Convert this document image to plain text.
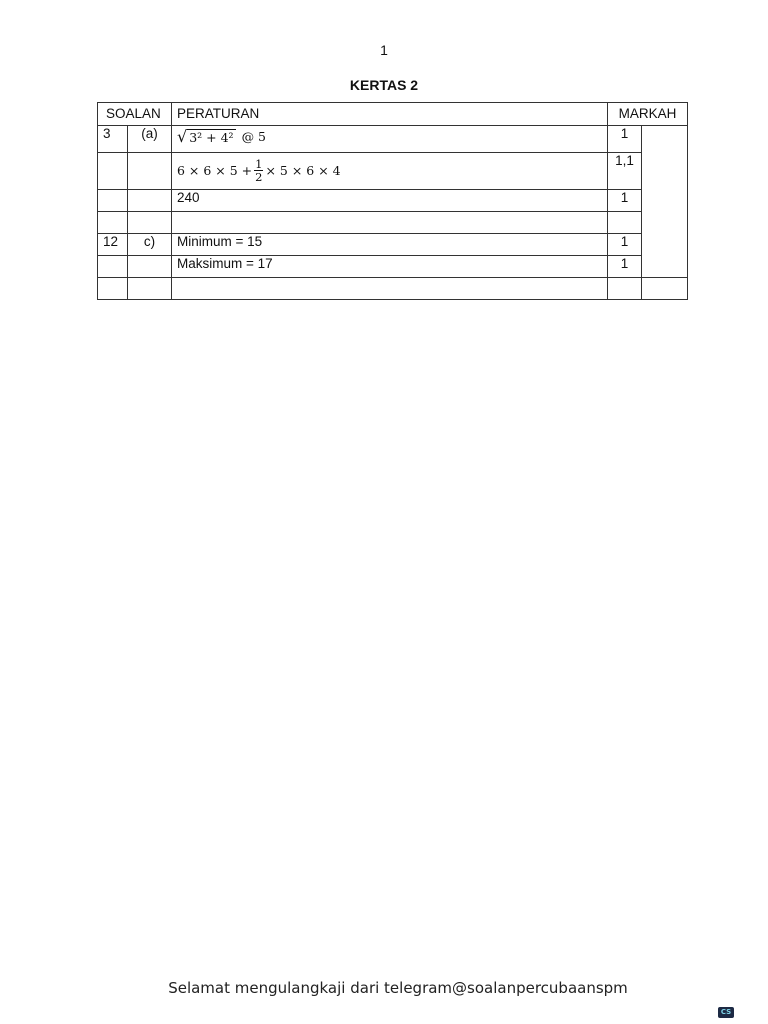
1
KERTAS 2
SOALAN		PERATURAN	MARKAH	
3	(a)	√ 3² + 4² @ 5	1	

		$6 \times 6 \times 5 + \frac{1}{2} \times 5 \times 6 \times 4$	1,1	
		240	1	

12	c)	Minimum = 15	1	
		Maksimum = 17	1	

Selamat mengulangkaji dari telegram@soalanpercubaanspm
CS
